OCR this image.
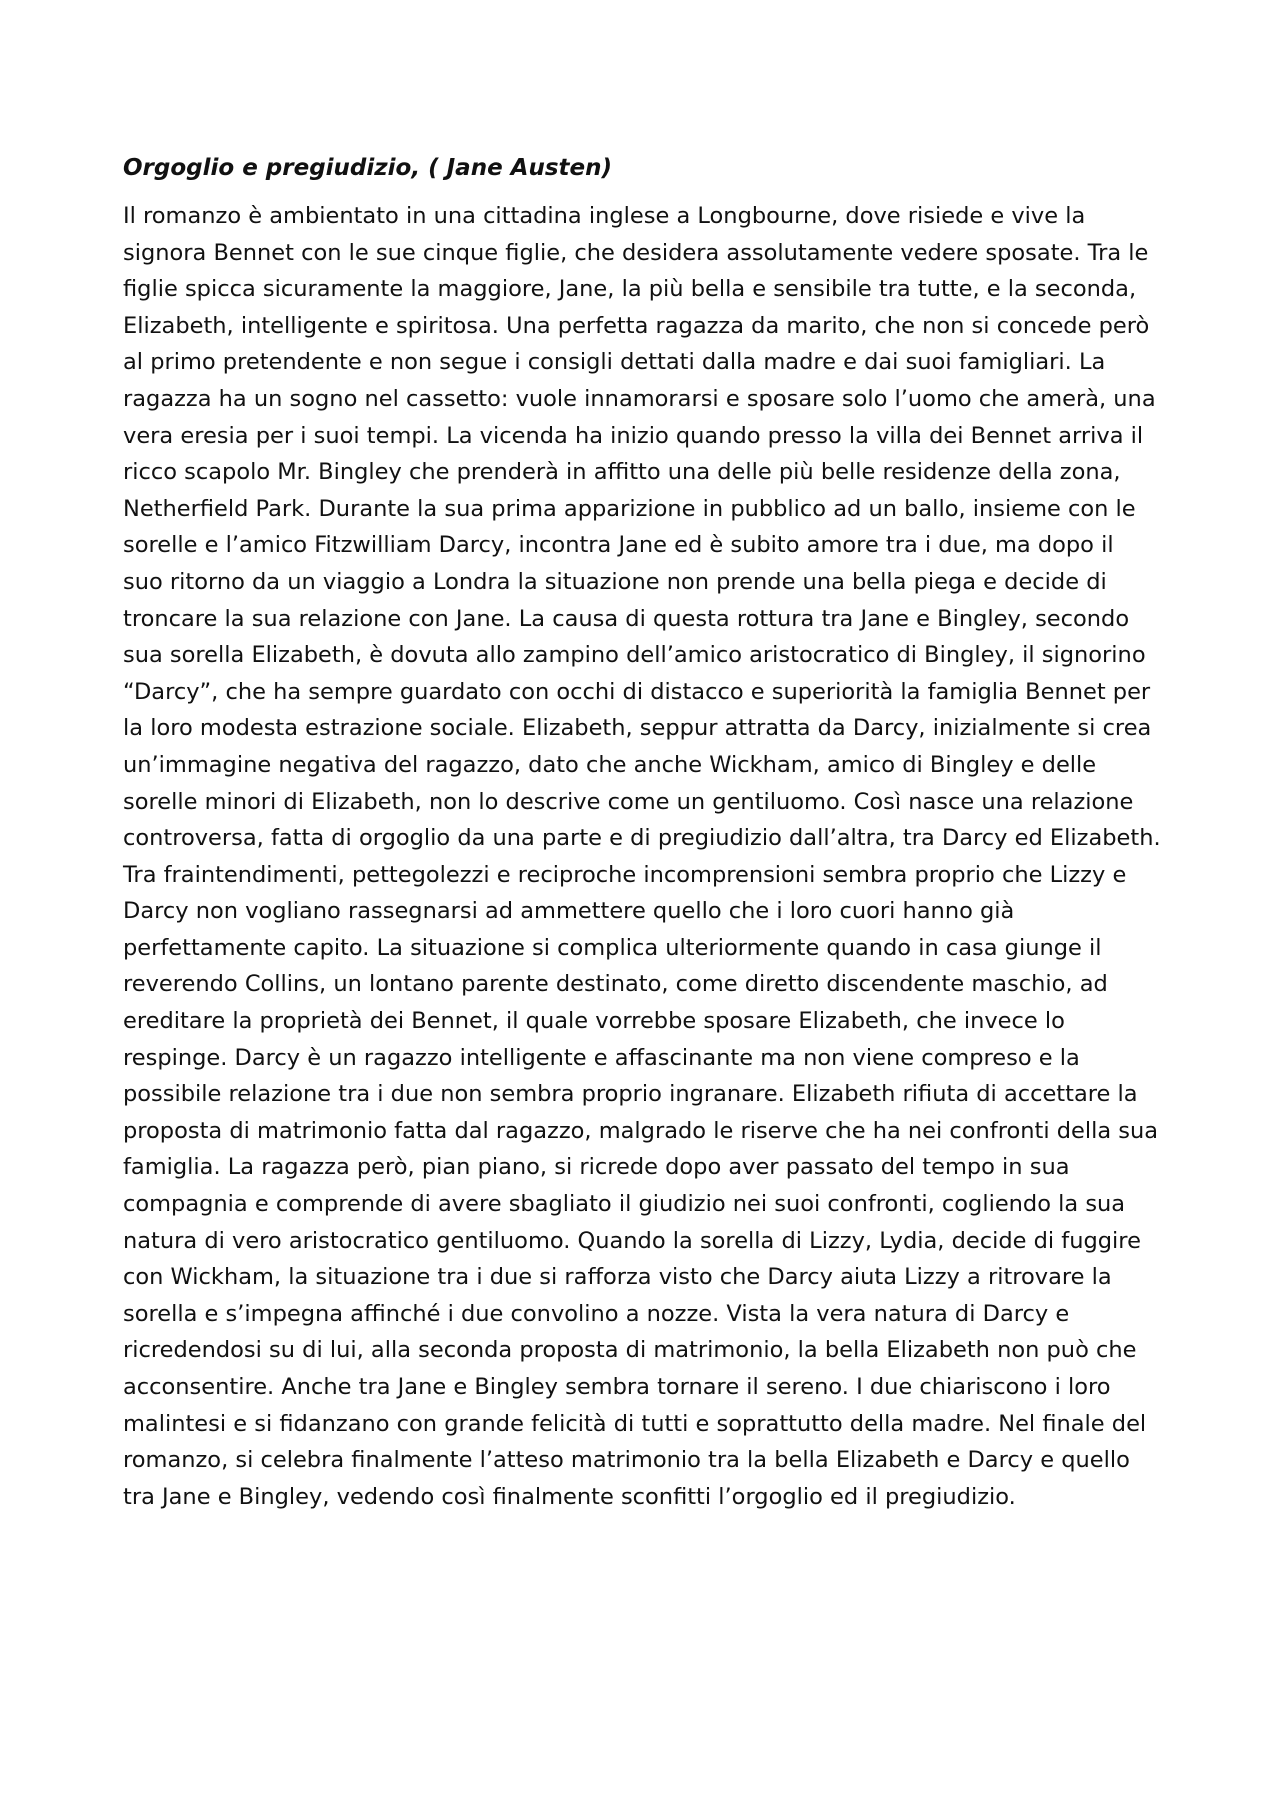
Orgoglio e pregiudizio, ( Jane Austen)

Il romanzo è ambientato in una cittadina inglese a Longbourne, dove risiede e vive la
signora Bennet con le sue cinque figlie, che desidera assolutamente vedere sposate. Tra le
figlie spicca sicuramente la maggiore, Jane, la più bella e sensibile tra tutte, e la seconda,
Elizabeth, intelligente e spiritosa. Una perfetta ragazza da marito, che non si concede però
al primo pretendente e non segue i consigli dettati dalla madre e dai suoi famigliari. La
ragazza ha un sogno nel cassetto: vuole innamorarsi e sposare solo l’uomo che amerà, una
vera eresia per i suoi tempi. La vicenda ha inizio quando presso la villa dei Bennet arriva il
ricco scapolo Mr. Bingley che prenderà in affitto una delle più belle residenze della zona,
Netherfield Park. Durante la sua prima apparizione in pubblico ad un ballo, insieme con le
sorelle e l’amico Fitzwilliam Darcy, incontra Jane ed è subito amore tra i due, ma dopo il
suo ritorno da un viaggio a Londra la situazione non prende una bella piega e decide di
troncare la sua relazione con Jane. La causa di questa rottura tra Jane e Bingley, secondo
sua sorella Elizabeth, è dovuta allo zampino dell’amico aristocratico di Bingley, il signorino
“Darcy”, che ha sempre guardato con occhi di distacco e superiorità la famiglia Bennet per
la loro modesta estrazione sociale. Elizabeth, seppur attratta da Darcy, inizialmente si crea
un’immagine negativa del ragazzo, dato che anche Wickham, amico di Bingley e delle
sorelle minori di Elizabeth, non lo descrive come un gentiluomo. Così nasce una relazione
controversa, fatta di orgoglio da una parte e di pregiudizio dall’altra, tra Darcy ed Elizabeth.
Tra fraintendimenti, pettegolezzi e reciproche incomprensioni sembra proprio che Lizzy e
Darcy non vogliano rassegnarsi ad ammettere quello che i loro cuori hanno già
perfettamente capito. La situazione si complica ulteriormente quando in casa giunge il
reverendo Collins, un lontano parente destinato, come diretto discendente maschio, ad
ereditare la proprietà dei Bennet, il quale vorrebbe sposare Elizabeth, che invece lo
respinge. Darcy è un ragazzo intelligente e affascinante ma non viene compreso e la
possibile relazione tra i due non sembra proprio ingranare. Elizabeth rifiuta di accettare la
proposta di matrimonio fatta dal ragazzo, malgrado le riserve che ha nei confronti della sua
famiglia. La ragazza però, pian piano, si ricrede dopo aver passato del tempo in sua
compagnia e comprende di avere sbagliato il giudizio nei suoi confronti, cogliendo la sua
natura di vero aristocratico gentiluomo. Quando la sorella di Lizzy, Lydia, decide di fuggire
con Wickham, la situazione tra i due si rafforza visto che Darcy aiuta Lizzy a ritrovare la
sorella e s’impegna affinché i due convolino a nozze. Vista la vera natura di Darcy e
ricredendosi su di lui, alla seconda proposta di matrimonio, la bella Elizabeth non può che
acconsentire. Anche tra Jane e Bingley sembra tornare il sereno. I due chiariscono i loro
malintesi e si fidanzano con grande felicità di tutti e soprattutto della madre. Nel finale del
romanzo, si celebra finalmente l’atteso matrimonio tra la bella Elizabeth e Darcy e quello
tra Jane e Bingley, vedendo così finalmente sconfitti l’orgoglio ed il pregiudizio.
